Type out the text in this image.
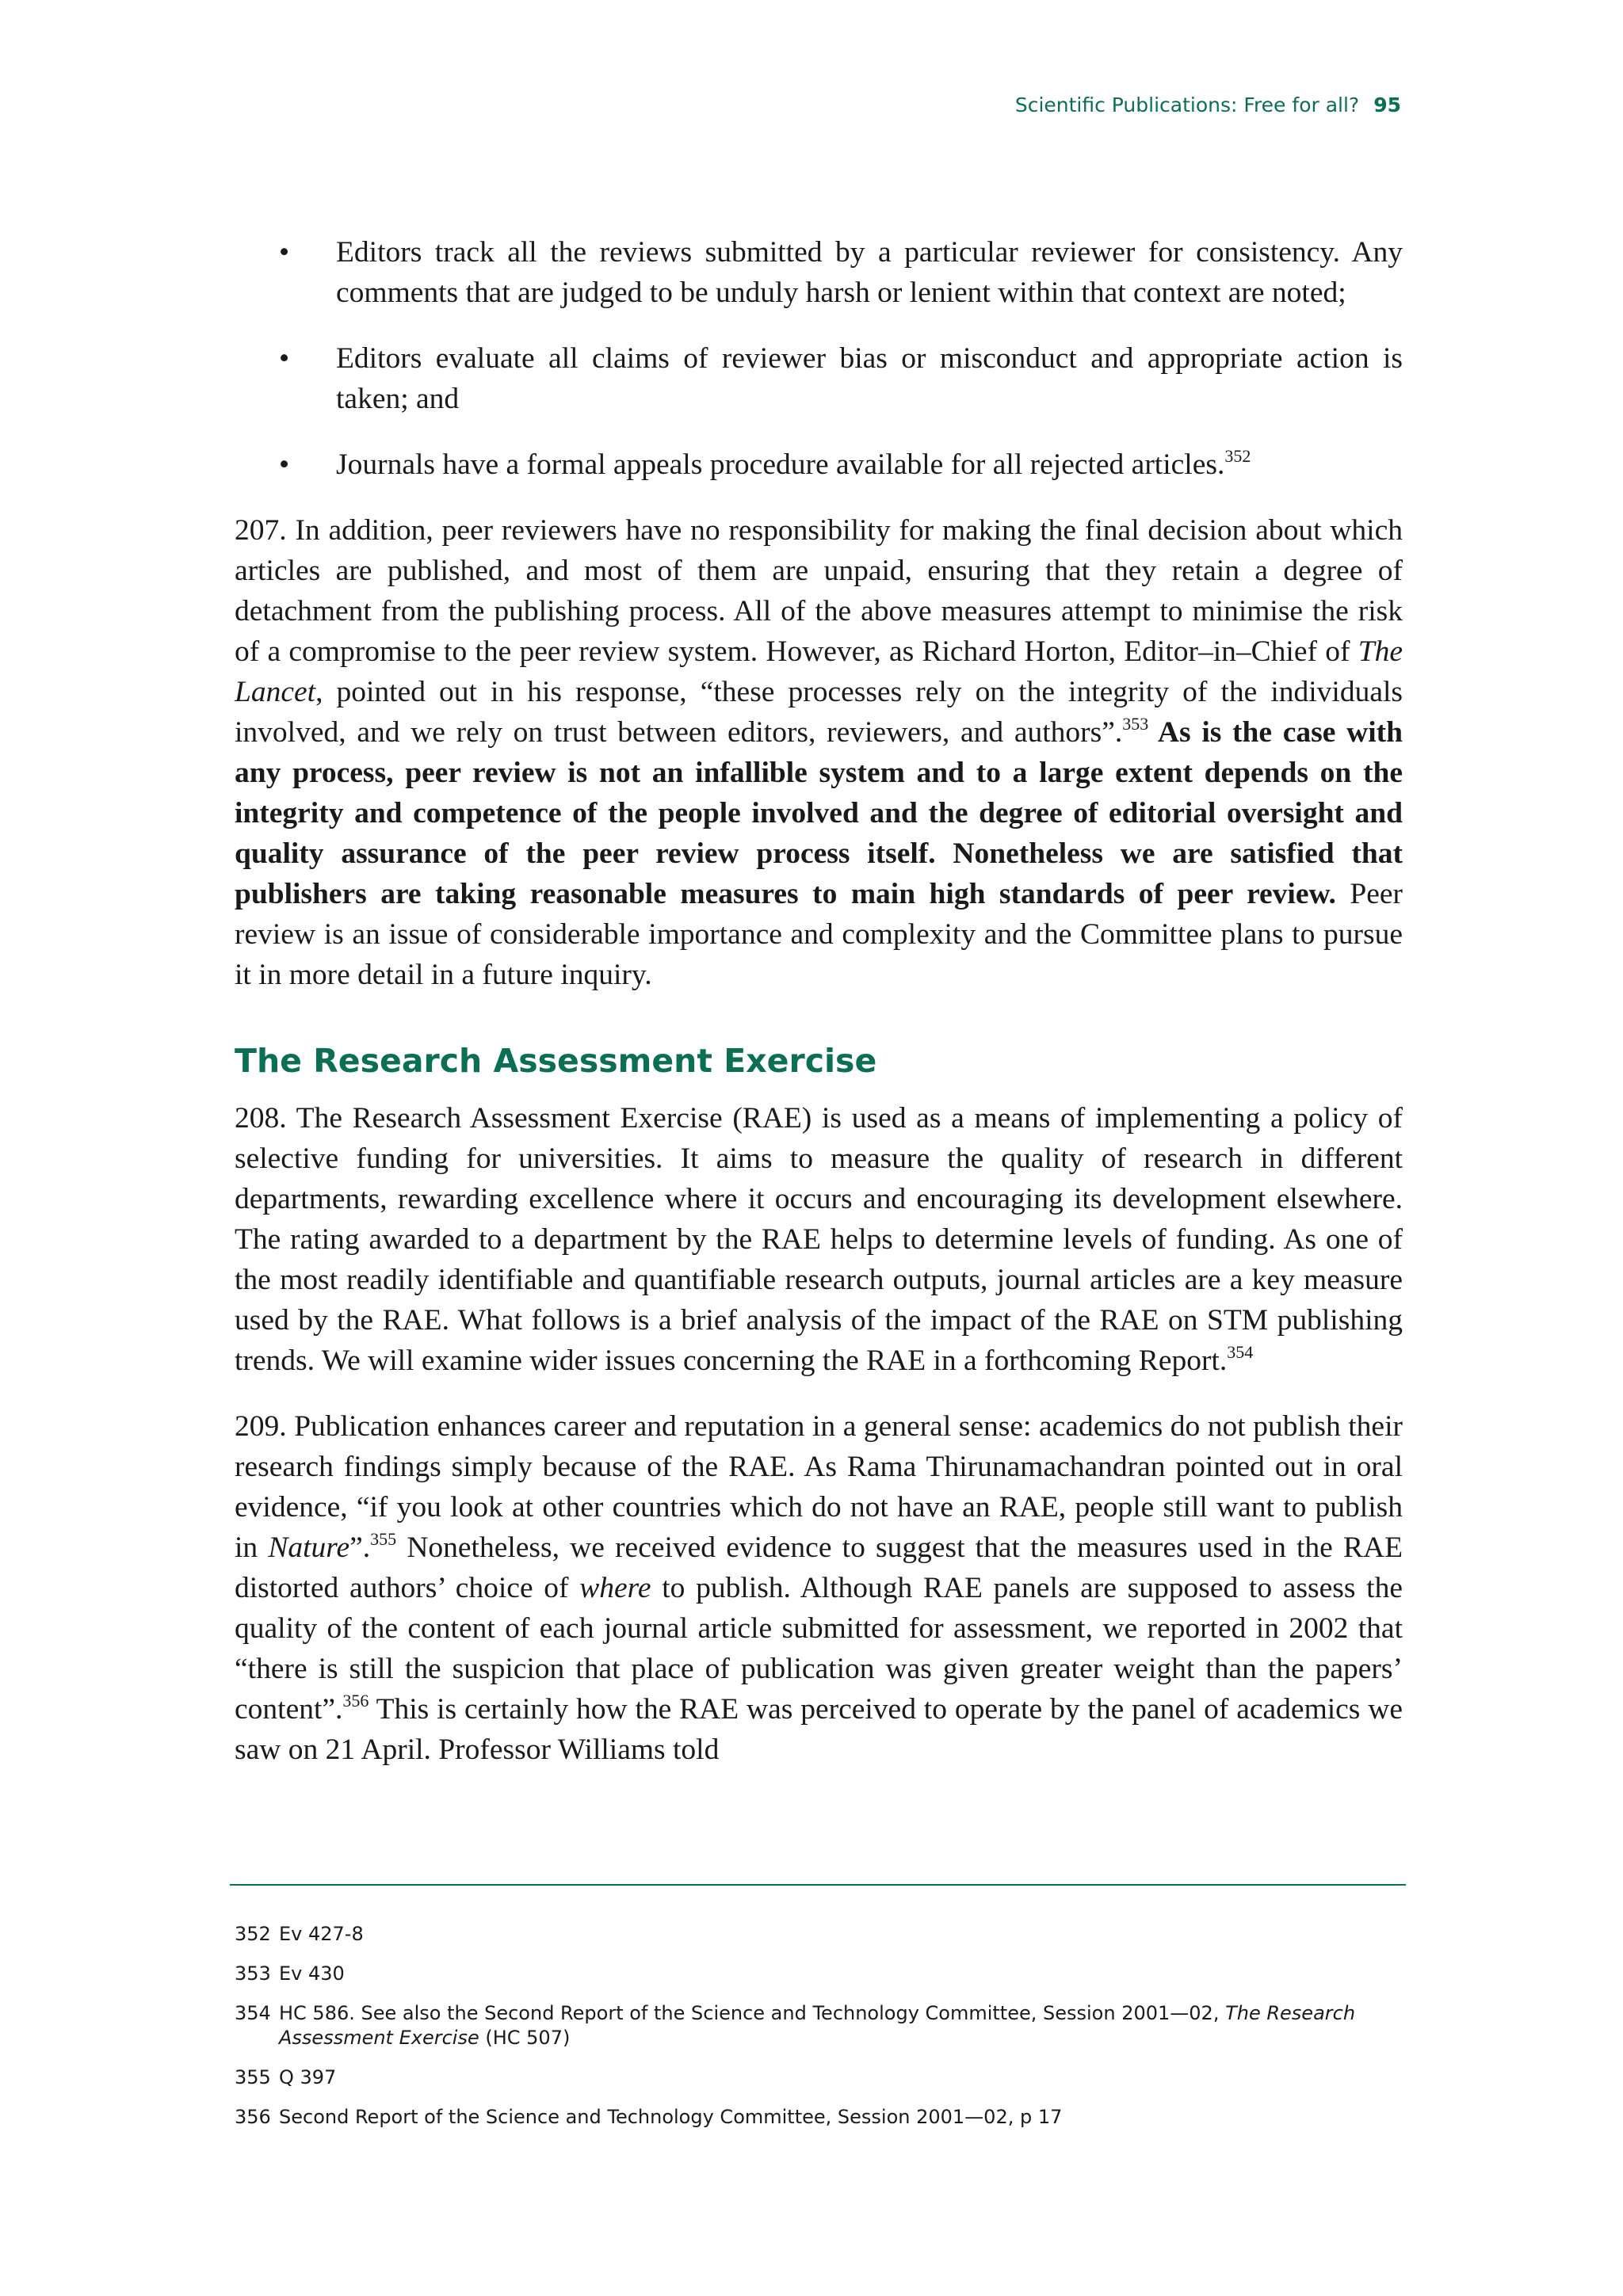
Scientific Publications: Free for all? 95
• Editors track all the reviews submitted by a particular reviewer for consistency. Any comments that are judged to be unduly harsh or lenient within that context are noted;
• Editors evaluate all claims of reviewer bias or misconduct and appropriate action is taken; and
• Journals have a formal appeals procedure available for all rejected articles.$^{352}$

207. In addition, peer reviewers have no responsibility for making the final decision about which articles are published, and most of them are unpaid, ensuring that they retain a degree of detachment from the publishing process. All of the above measures attempt to minimise the risk of a compromise to the peer review system. However, as Richard Horton, Editor–in–Chief of The Lancet, pointed out in his response, “these processes rely on the integrity of the individuals involved, and we rely on trust between editors, reviewers, and authors”.$^{353}$ As is the case with any process, peer review is not an infallible system and to a large extent depends on the integrity and competence of the people involved and the degree of editorial oversight and quality assurance of the peer review process itself. Nonetheless we are satisfied that publishers are taking reasonable measures to main high standards of peer review. Peer review is an issue of considerable importance and complexity and the Committee plans to pursue it in more detail in a future inquiry.

The Research Assessment Exercise

208. The Research Assessment Exercise (RAE) is used as a means of implementing a policy of selective funding for universities. It aims to measure the quality of research in different departments, rewarding excellence where it occurs and encouraging its development elsewhere. The rating awarded to a department by the RAE helps to determine levels of funding. As one of the most readily identifiable and quantifiable research outputs, journal articles are a key measure used by the RAE. What follows is a brief analysis of the impact of the RAE on STM publishing trends. We will examine wider issues concerning the RAE in a forthcoming Report.$^{354}$

209. Publication enhances career and reputation in a general sense: academics do not publish their research findings simply because of the RAE. As Rama Thirunamachandran pointed out in oral evidence, “if you look at other countries which do not have an RAE, people still want to publish in Nature”.$^{355}$ Nonetheless, we received evidence to suggest that the measures used in the RAE distorted authors’ choice of where to publish. Although RAE panels are supposed to assess the quality of the content of each journal article submitted for assessment, we reported in 2002 that “there is still the suspicion that place of publication was given greater weight than the papers’ content”.$^{356}$ This is certainly how the RAE was perceived to operate by the panel of academics we saw on 21 April. Professor Williams told

352 Ev 427-8
353 Ev 430
354 HC 586. See also the Second Report of the Science and Technology Committee, Session 2001—02, The Research Assessment Exercise (HC 507)
355 Q 397
356 Second Report of the Science and Technology Committee, Session 2001—02, p 17
